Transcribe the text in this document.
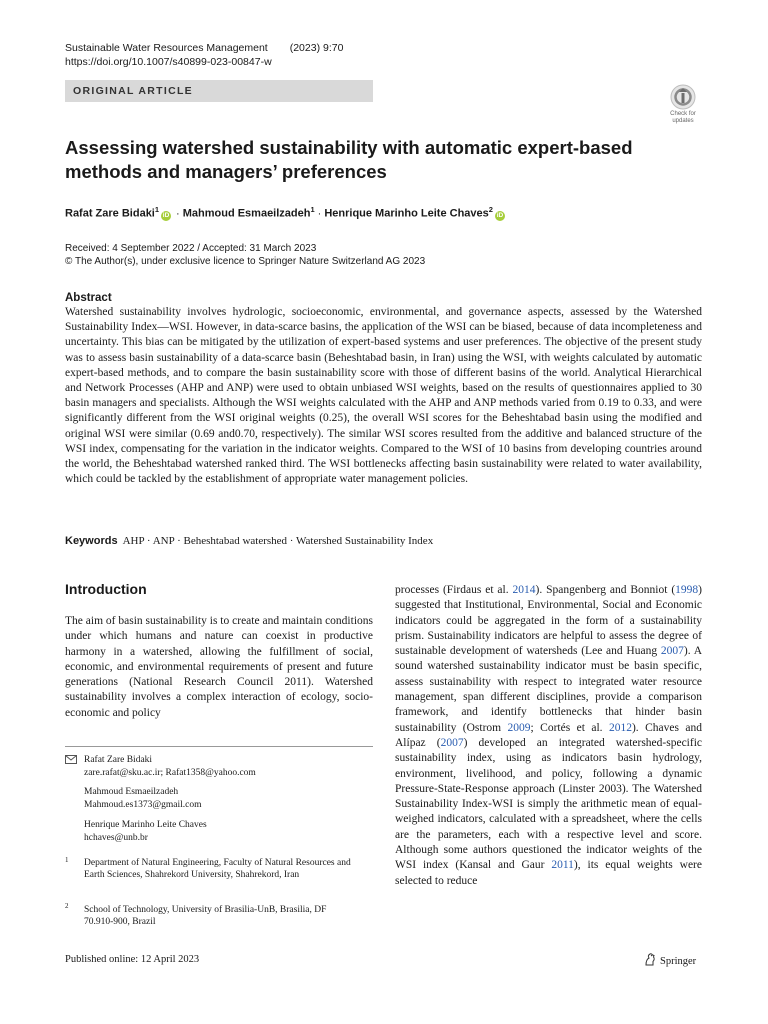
Sustainable Water Resources Management (2023) 9:70
https://doi.org/10.1007/s40899-023-00847-w
ORIGINAL ARTICLE
Check for updates
Assessing watershed sustainability with automatic expert-based methods and managers’ preferences
Rafat Zare Bidaki$^1$iD · Mahmoud Esmaeilzadeh$^1$ · Henrique Marinho Leite Chaves$^2$iD
Received: 4 September 2022 / Accepted: 31 March 2023
© The Author(s), under exclusive licence to Springer Nature Switzerland AG 2023
Abstract

Watershed sustainability involves hydrologic, socioeconomic, environmental, and governance aspects, assessed by the Watershed Sustainability Index—WSI. However, in data-scarce basins, the application of the WSI can be biased, because of data incompleteness and uncertainty. This bias can be mitigated by the utilization of expert-based systems and user preferences. The objective of the present study was to assess basin sustainability of a data-scarce basin (Beheshtabad basin, in Iran) using the WSI, with weights calculated by automatic expert-based methods, and to compare the basin sustainability score with those of different basins of the world. Analytical Hierarchical and Network Processes (AHP and ANP) were used to obtain unbiased WSI weights, based on the results of questionnaires applied to 30 basin managers and specialists. Although the WSI weights calculated with the AHP and ANP methods varied from 0.19 to 0.33, and were significantly different from the WSI original weights (0.25), the overall WSI scores for the Beheshtabad basin using the modified and original WSI were similar (0.69 and0.70, respectively). The similar WSI scores resulted from the additive and balanced structure of the WSI index, compensating for the variation in the indicator weights. Compared to the WSI of 10 basins from developing countries around the world, the Beheshtabad watershed ranked third. The WSI bottlenecks affecting basin sustainability were related to water availability, which could be tackled by the establishment of appropriate water management policies.

Keywords AHP · ANP · Beheshtabad watershed · Watershed Sustainability Index
Introduction

The aim of basin sustainability is to create and maintain conditions under which humans and nature can coexist in productive harmony in a watershed, allowing the fulfillment of social, economic, and environmental requirements of present and future generations (National Research Council 2011). Watershed sustainability involves a complex interaction of ecology, socio-economic and policy

processes (Firdaus et al. 2014). Spangenberg and Bonniot (1998) suggested that Institutional, Environmental, Social and Economic indicators could be aggregated in the form of a sustainability prism. Sustainability indicators are helpful to assess the degree of sustainable development of watersheds (Lee and Huang 2007). A sound watershed sustainability indicator must be basin specific, assess sustainability with respect to integrated water resource management, span different disciplines, provide a comparison framework, and identify bottlenecks that hinder basin sustainability (Ostrom 2009; Cortés et al. 2012). Chaves and Alípaz (2007) developed an integrated watershed-specific sustainability index, using as indicators basin hydrology, environment, livelihood, and policy, following a dynamic Pressure-State-Response approach (Linster 2003). The Watershed Sustainability Index-WSI is simply the arithmetic mean of equal-weighed indicators, calculated with a spreadsheet, where the cells are the parameters, each with a respective level and score. Although some authors questioned the indicator weights of the WSI index (Kansal and Gaur 2011), its equal weights were selected to reduce

Rafat Zare Bidaki
zare.rafat@sku.ac.ir; Rafat1358@yahoo.com
Mahmoud Esmaeilzadeh
Mahmoud.es1373@gmail.com
Henrique Marinho Leite Chaves
hchaves@unb.br
1 Department of Natural Engineering, Faculty of Natural Resources and Earth Sciences, Shahrekord University, Shahrekord, Iran
2 School of Technology, University of Brasilia-UnB, Brasilia, DF 70.910-900, Brazil
Published online: 12 April 2023	Springer
